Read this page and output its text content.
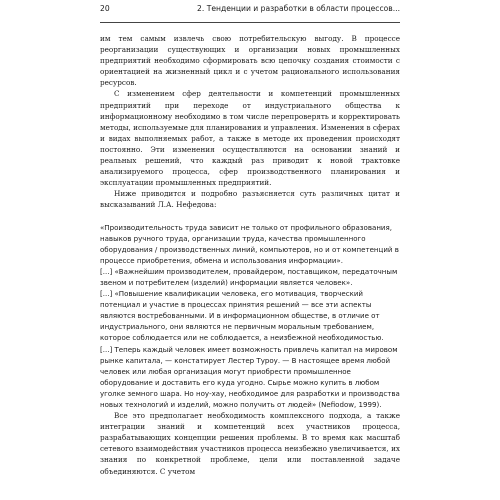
20	2. Тенденции и разработки в области процессов...

им тем самым извлечь свою потребительскую выгоду. В процессе реорганизации существующих и организации новых промышленных предприятий необходимо сформировать всю цепочку создания стоимости с ориентацией на жизненный цикл и с учетом рационального использования ресурсов.

С изменением сфер деятельности и компетенций промышленных предприятий при переходе от индустриального общества к информационному необходимо в том числе перепроверять и корректировать методы, используемые для планирования и управления. Изменения в сферах и видах выполняемых работ, а также в методе их проведения происходят постоянно. Эти изменения осуществляются на основании знаний и реальных решений, что каждый раз приводит к новой трактовке анализируемого процесса, сфер производственного планирования и эксплуатации промышленных предприятий.

Ниже приводится и подробно разъясняется суть различных цитат и высказываний Л.А. Нефедова:

«Производительность труда зависит не только от профильного образования, навыков ручного труда, организации труда, качества промышленного оборудования / производственных линий, компьютеров, но и от компетенций в процессе приобретения, обмена и использования информации».

[...] «Важнейшим производителем, провайдером, поставщиком, передаточным звеном и потребителем (изделий) информации является человек».

[...] «Повышение квалификации человека, его мотивация, творческий потенциал и участие в процессах принятия решений — все эти аспекты являются востребованными. И в информационном обществе, в отличие от индустриального, они являются не первичным моральным требованием, которое соблюдается или не соблюдается, а неизбежной необходимостью.

[...] Теперь каждый человек имеет возможность привлечь капитал на мировом рынке капитала, — констатирует Лестер Туроу. — В настоящее время любой человек или любая организация могут приобрести промышленное оборудование и доставить его куда угодно. Сырье можно купить в любом уголке земного шара. Но ноу-хау, необходимое для разработки и производства новых технологий и изделий, можно получить от людей» (Nefiodow, 1999).

Все это предполагает необходимость комплексного подхода, а также интеграции знаний и компетенций всех участников процесса, разрабатывающих концепции решения проблемы. В то время как масштаб сетевого взаимодействия участников процесса неизбежно увеличивается, их знания по конкретной проблеме, цели или поставленной задаче объединяются. С учетом
